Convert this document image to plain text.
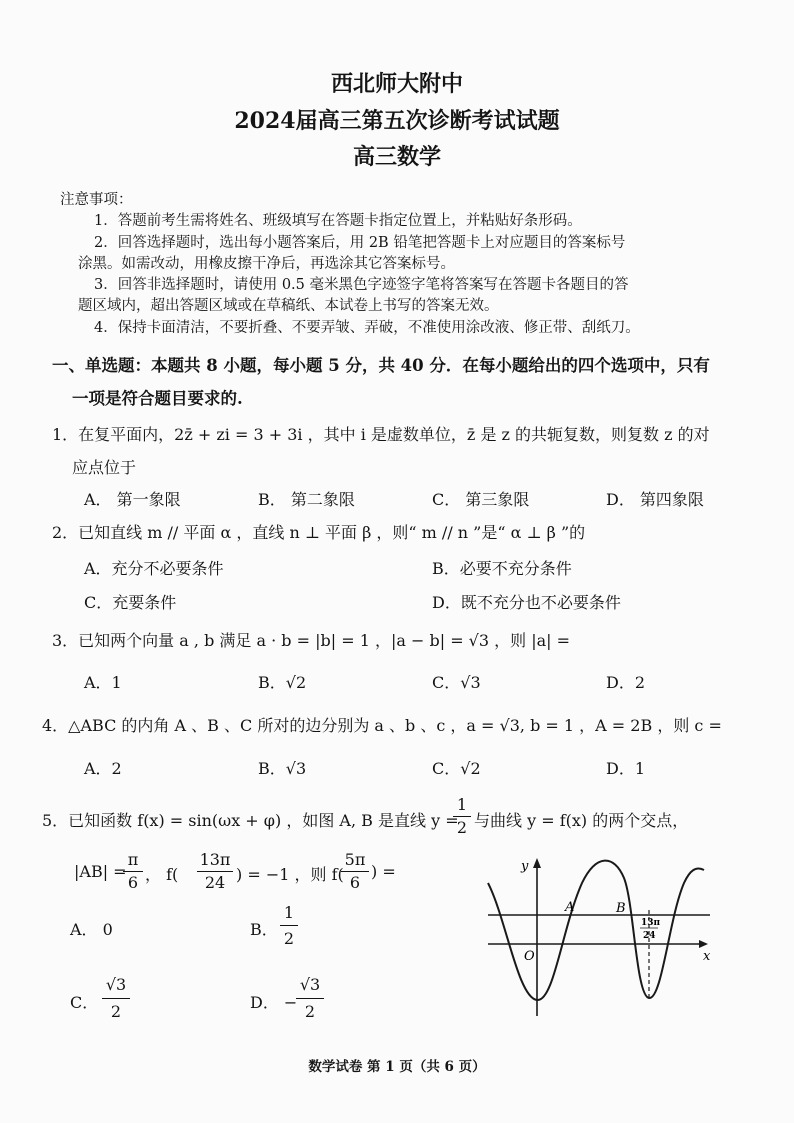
西北师大附中
2024届高三第五次诊断考试试题
高三数学
注意事项：
1．答题前考生需将姓名、班级填写在答题卡指定位置上，并粘贴好条形码。
2．回答选择题时，选出每小题答案后，用 2B 铅笔把答题卡上对应题目的答案标号
涂黑。如需改动，用橡皮擦干净后，再选涂其它答案标号。
3．回答非选择题时，请使用 0.5 毫米黑色字迹签字笔将答案写在答题卡各题目的答
题区域内，超出答题区域或在草稿纸、本试卷上书写的答案无效。
4．保持卡面清洁，不要折叠、不要弄皱、弄破，不准使用涂改液、修正带、刮纸刀。
一、单选题：本题共 8 小题，每小题 5 分，共 40 分．在每小题给出的四个选项中，只有
一项是符合题目要求的.
1．在复平面内，2z̄ + zi = 3 + 3i ，其中 i 是虚数单位，z̄ 是 z 的共轭复数，则复数 z 的对
应点位于
A． 第一象限	B． 第二象限	C． 第三象限	D． 第四象限
2．已知直线 m // 平面 α ，直线 n ⊥ 平面 β ，则“ m // n ”是“ α ⊥ β ”的
A．充分不必要条件	B．必要不充分条件
C．充要条件	D．既不充分也不必要条件
3．已知两个向量 a , b 满足 a · b = |b| = 1 ，|a − b| = √3 ，则 |a| =
A．1	B．√2	C．√3	D．2
4．△ABC 的内角 A 、B 、C 所对的边分别为 a 、b 、c ，a = √3, b = 1 ，A = 2B ，则 c =
A．2	B．√3	C．√2	D．1
5．已知函数 f(x) = sin(ωx + φ) ，如图 A, B 是直线 y =
1
2 与曲线 y = f(x) 的两个交点，
|AB| =
π
6 ， f(
13π
24 ) = −1 ，则 f(
5π
6
) =
A． 0	B．
1
2
C．
√3
2	D． −
√3
2
y
x
O
A	B
13π
24
数学试卷 第 1 页（共 6 页）
